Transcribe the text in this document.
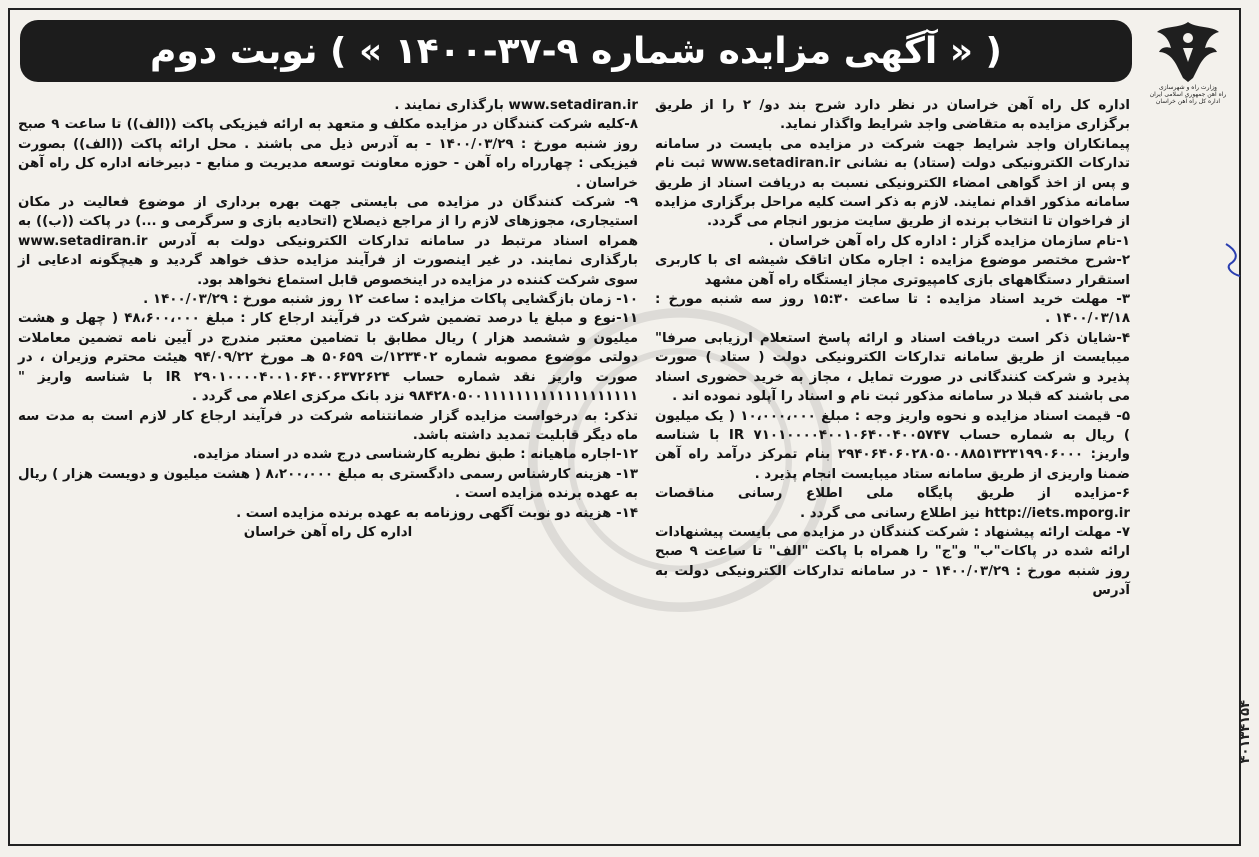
وزارت راه و شهرسازی
راه آهن جمهوری اسلامی ایران
اداره کل راه آهن خراسان
( « آگهی مزایده شماره ۹-۳۷-۱۴۰۰ » ) نوبت دوم

اداره کل راه آهن خراسان در نظر دارد شرح بند دو/ ۲ را از طریق برگزاری مزایده به متقاضی واجد شرایط واگذار نماید.

پیمانکاران واجد شرایط جهت شرکت در مزایده می بایست در سامانه تدارکات الکترونیکی دولت (ستاد) به نشانی www.setadiran.ir ثبت نام و پس از اخذ گواهی امضاء الکترونیکی نسبت به دریافت اسناد از طریق سامانه مذکور اقدام نمایند. لازم به ذکر است کلیه مراحل برگزاری مزایده از فراخوان تا انتخاب برنده از طریق سایت مزبور انجام می گردد.

۱-نام سازمان مزایده گزار : اداره کل راه آهن خراسان .

۲-شرح مختصر موضوع مزایده : اجاره مکان اتاقک شیشه ای با کاربری استقرار دستگاههای بازی کامپیوتری مجاز ایستگاه راه آهن مشهد

۳- مهلت خرید اسناد مزایده : تا ساعت ۱۵:۳۰ روز سه شنبه مورخ : ۱۴۰۰/۰۳/۱۸ .

۴-شایان ذکر است دریافت اسناد و ارائه پاسخ استعلام ارزیابی صرفا" میبایست از طریق سامانه تدارکات الکترونیکی دولت ( ستاد ) صورت پذیرد و شرکت کنندگانی در صورت تمایل ، مجاز به خرید حضوری اسناد می باشند که قبلا در سامانه مذکور ثبت نام و اسناد را آپلود نموده اند .

۵- قیمت اسناد مزایده و نحوه واریز وجه : مبلغ ۱۰،۰۰۰،۰۰۰ ( یک میلیون ) ریال به شماره حساب IR ۷۱۰۱۰۰۰۰۴۰۰۱۰۶۴۰۰۴۰۰۵۷۴۷ با شناسه واریز: ۲۹۴۰۶۴۰۶۰۲۸۰۵۰۰۸۸۵۱۳۲۳۱۹۹۰۶۰۰۰ بنام تمرکز درآمد راه آهن ضمنا واریزی از طریق سامانه ستاد میبایست انجام پذیرد .

۶-مزایده از طریق پایگاه ملی اطلاع رسانی مناقصات http://iets.mporg.ir نیز اطلاع رسانی می گردد .

۷- مهلت ارائه پیشنهاد : شرکت کنندگان در مزایده می بایست پیشنهادات ارائه شده در پاکات"ب" و"ج" را همراه با پاکت "الف" تا ساعت ۹ صبح روز شنبه مورخ : ۱۴۰۰/۰۳/۲۹ - در سامانه تدارکات الکترونیکی دولت به آدرس

www.setadiran.ir بارگذاری نمایند .

۸-کلیه شرکت کنندگان در مزایده مکلف و متعهد به ارائه فیزیکی پاکت ((الف)) تا ساعت ۹ صبح روز شنبه مورخ : ۱۴۰۰/۰۳/۲۹ - به آدرس ذیل می باشند . محل ارائه پاکت ((الف)) بصورت فیزیکی : چهارراه راه آهن - حوزه معاونت توسعه مدیریت و منابع - دبیرخانه اداره کل راه آهن خراسان .

۹- شرکت کنندگان در مزایده می بایستی جهت بهره برداری از موضوع فعالیت در مکان استیجاری، مجوزهای لازم را از مراجع ذیصلاح (اتحادیه بازی و سرگرمی و ...) در پاکت ((ب)) به همراه اسناد مرتبط در سامانه تدارکات الکترونیکی دولت به آدرس www.setadiran.ir بارگذاری نمایند. در غیر اینصورت از فرآیند مزایده حذف خواهد گردید و هیچگونه ادعایی از سوی شرکت کننده در مزایده در اینخصوص قابل استماع نخواهد بود.

۱۰- زمان بازگشایی پاکات مزایده : ساعت ۱۲ روز شنبه مورخ : ۱۴۰۰/۰۳/۲۹ .

۱۱-نوع و مبلغ یا درصد تضمین شرکت در فرآیند ارجاع کار : مبلغ ۴۸،۶۰۰،۰۰۰ ( چهل و هشت میلیون و ششصد هزار ) ریال مطابق با تضامین معتبر مندرج در آیین نامه تضمین معاملات دولتی موضوع مصوبه شماره ۱۲۳۴۰۲/ت ۵۰۶۵۹ هـ مورخ ۹۴/۰۹/۲۲ هیئت محترم وزیران ، در صورت واریز نقد شماره حساب IR ۲۹۰۱۰۰۰۰۴۰۰۱۰۶۴۰۰۶۳۷۲۶۲۴ با شناسه واریز " ۹۸۴۲۸۰۵۰۰۱۱۱۱۱۱۱۱۱۱۱۱۱۱۱۱۱۱۱ نزد بانک مرکزی اعلام می گردد .

تذکر: به درخواست مزایده گزار ضمانتنامه شرکت در فرآیند ارجاع کار لازم است به مدت سه ماه دیگر قابلیت تمدید داشته باشد.

۱۲-اجاره ماهیانه : طبق نظریه کارشناسی درج شده در اسناد مزایده.

۱۳- هزینه کارشناس رسمی دادگستری به مبلغ ۸،۲۰۰،۰۰۰ ( هشت میلیون و دویست هزار ) ریال به عهده برنده مزایده است .

۱۴- هزینه دو نوبت آگهی روزنامه به عهده برنده مزایده است .

اداره کل راه آهن خراسان

۴۰۱۳۴۱۵۴
